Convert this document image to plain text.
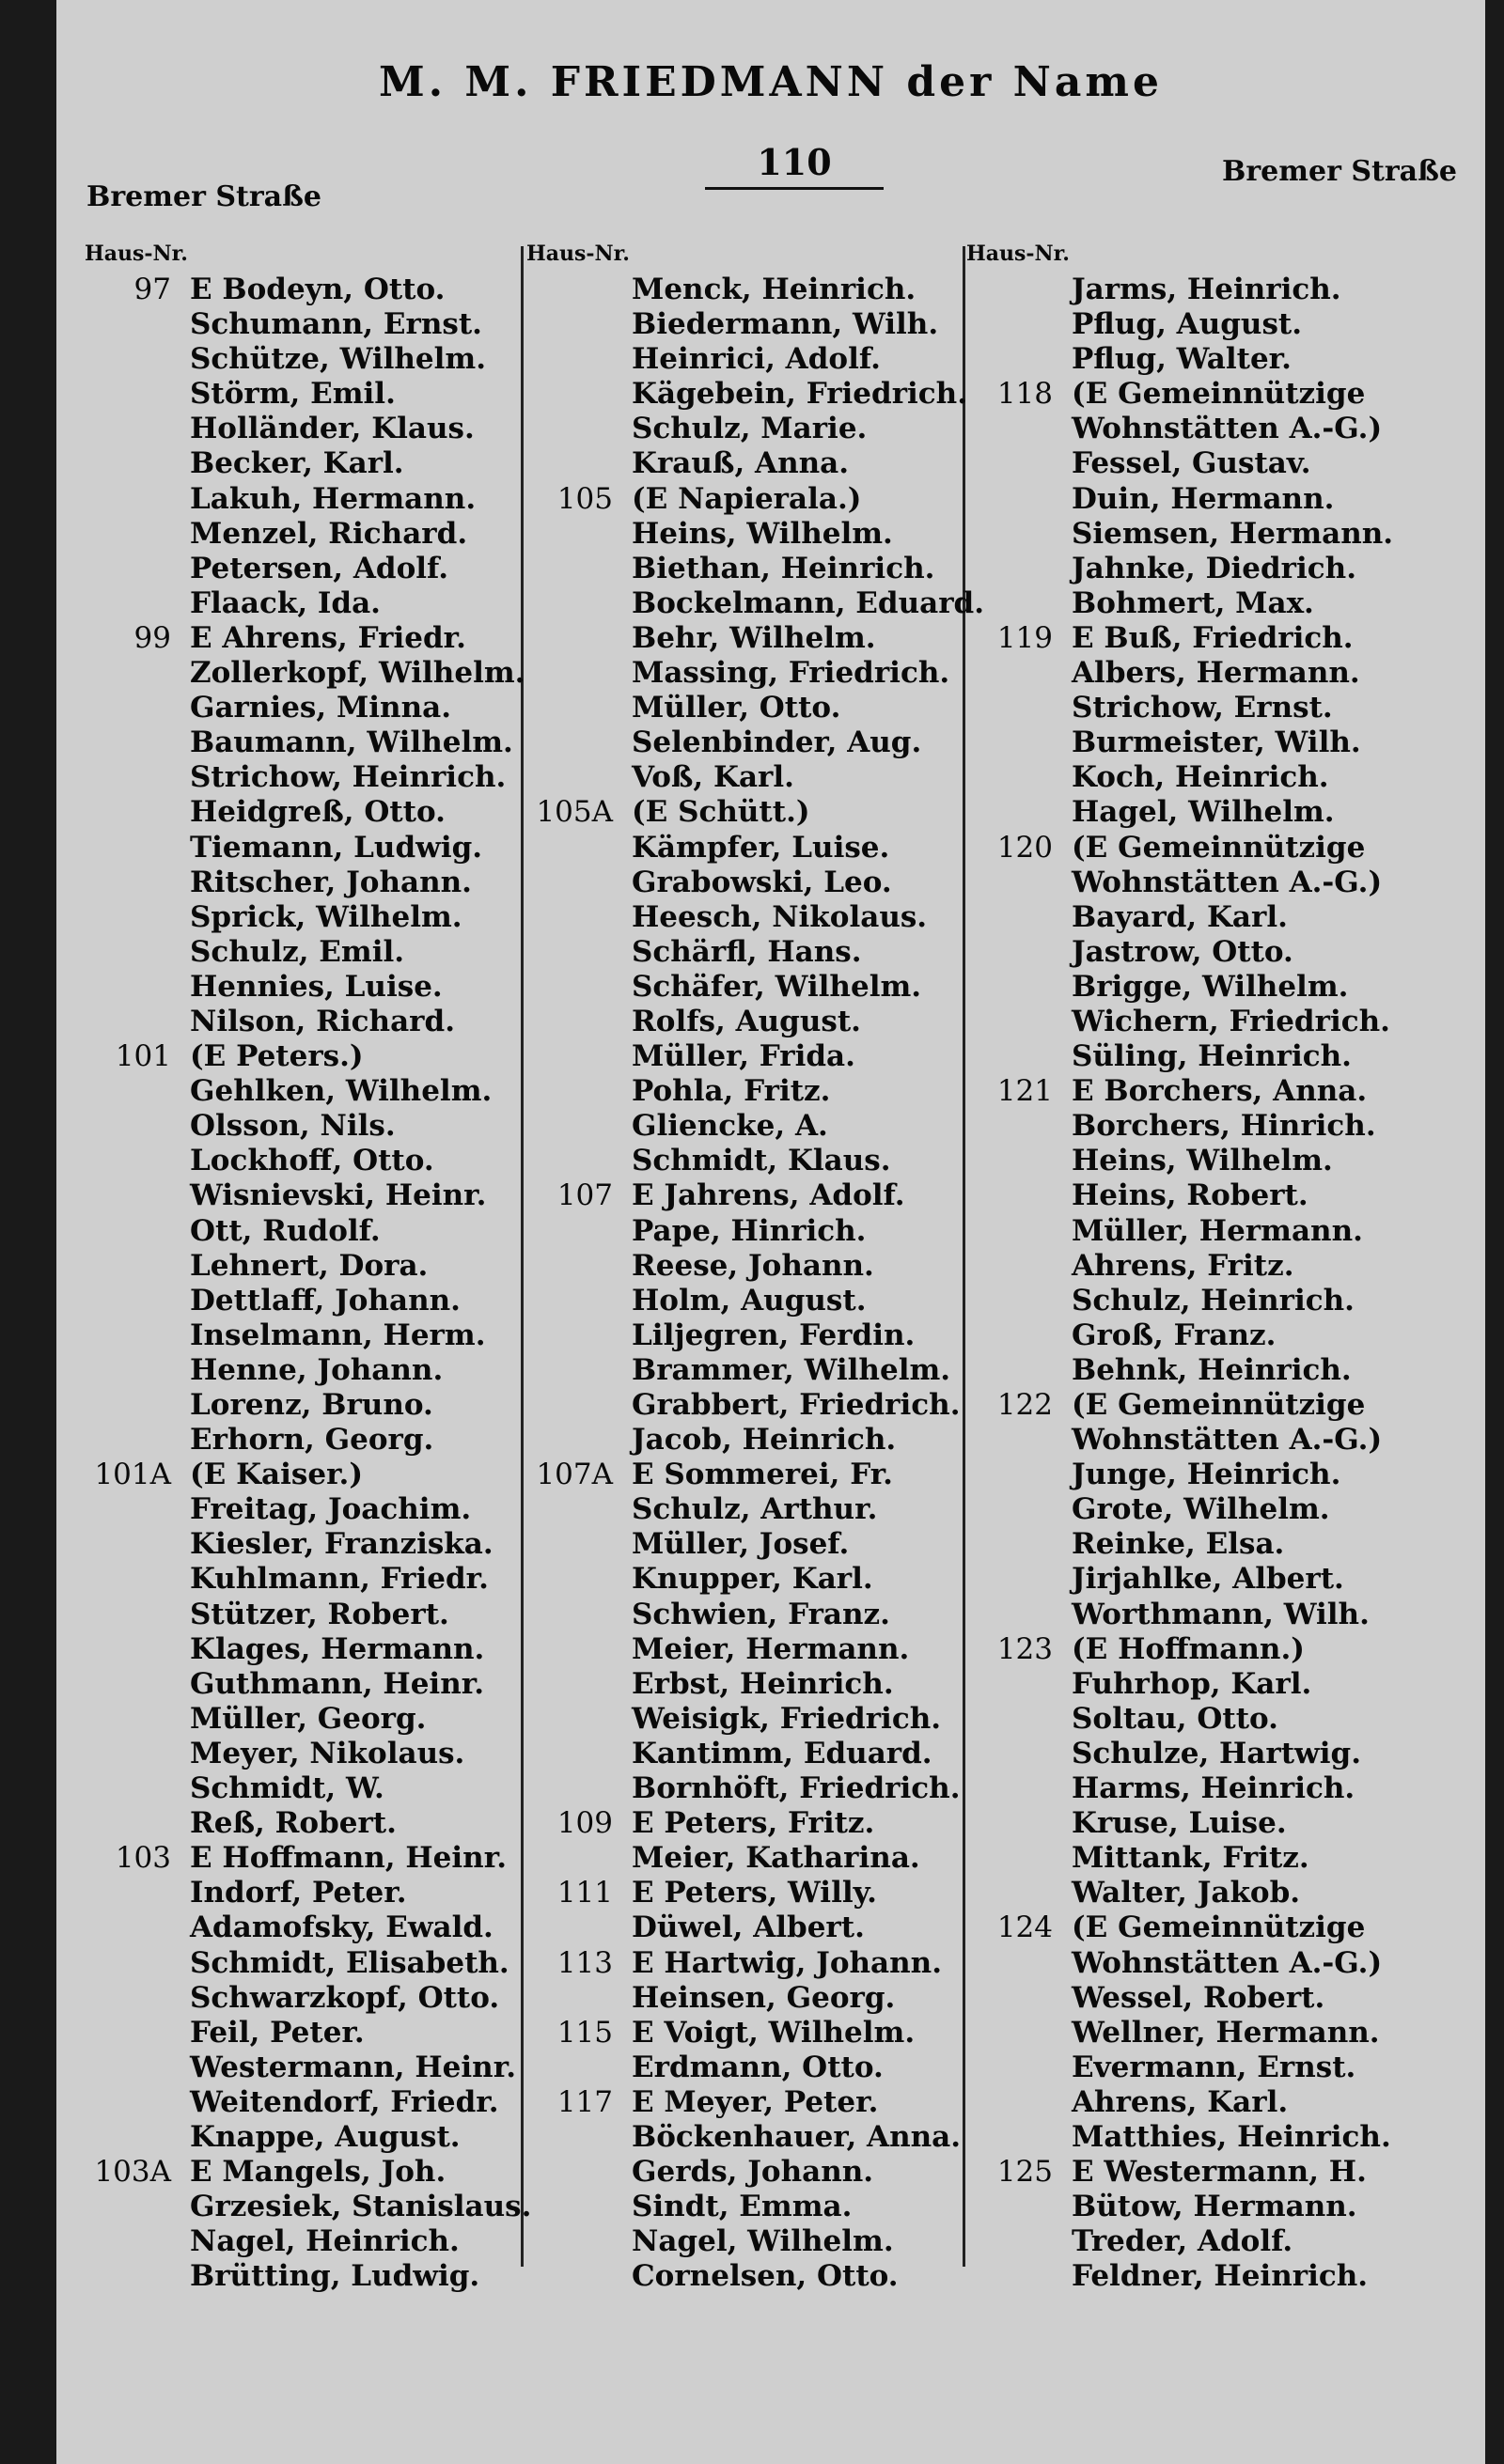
M. M. FRIEDMANN der Name
110
Bremer Straße
Bremer Straße
Haus-Nr.
97 E Bodeyn, Otto.
Schumann, Ernst.
Schütze, Wilhelm.
Störm, Emil.
Holländer, Klaus.
Becker, Karl.
Lakuh, Hermann.
Menzel, Richard.
Petersen, Adolf.
Flaack, Ida.
99 E Ahrens, Friedr.
Zollerkopf, Wilhelm.
Garnies, Minna.
Baumann, Wilhelm.
Strichow, Heinrich.
Heidgreß, Otto.
Tiemann, Ludwig.
Ritscher, Johann.
Sprick, Wilhelm.
Schulz, Emil.
Hennies, Luise.
Nilson, Richard.
101 (E Peters.)
Gehlken, Wilhelm.
Olsson, Nils.
Lockhoff, Otto.
Wisnievski, Heinr.
Ott, Rudolf.
Lehnert, Dora.
Dettlaff, Johann.
Inselmann, Herm.
Henne, Johann.
Lorenz, Bruno.
Erhorn, Georg.
101A (E Kaiser.)
Freitag, Joachim.
Kiesler, Franziska.
Kuhlmann, Friedr.
Stützer, Robert.
Klages, Hermann.
Guthmann, Heinr.
Müller, Georg.
Meyer, Nikolaus.
Schmidt, W.
Reß, Robert.
103 E Hoffmann, Heinr.
Indorf, Peter.
Adamofsky, Ewald.
Schmidt, Elisabeth.
Schwarzkopf, Otto.
Feil, Peter.
Westermann, Heinr.
Weitendorf, Friedr.
Knappe, August.
103A E Mangels, Joh.
Grzesiek, Stanislaus.
Nagel, Heinrich.
Brütting, Ludwig.
Haus-Nr.
Menck, Heinrich.
Biedermann, Wilh.
Heinrici, Adolf.
Kägebein, Friedrich.
Schulz, Marie.
Krauß, Anna.
105 (E Napierala.)
Heins, Wilhelm.
Biethan, Heinrich.
Bockelmann, Eduard.
Behr, Wilhelm.
Massing, Friedrich.
Müller, Otto.
Selenbinder, Aug.
Voß, Karl.
105A (E Schütt.)
Kämpfer, Luise.
Grabowski, Leo.
Heesch, Nikolaus.
Schärfl, Hans.
Schäfer, Wilhelm.
Rolfs, August.
Müller, Frida.
Pohla, Fritz.
Gliencke, A.
Schmidt, Klaus.
107 E Jahrens, Adolf.
Pape, Hinrich.
Reese, Johann.
Holm, August.
Liljegren, Ferdin.
Brammer, Wilhelm.
Grabbert, Friedrich.
Jacob, Heinrich.
107A E Sommerei, Fr.
Schulz, Arthur.
Müller, Josef.
Knupper, Karl.
Schwien, Franz.
Meier, Hermann.
Erbst, Heinrich.
Weisigk, Friedrich.
Kantimm, Eduard.
Bornhöft, Friedrich.
109 E Peters, Fritz.
Meier, Katharina.
111 E Peters, Willy.
Düwel, Albert.
113 E Hartwig, Johann.
Heinsen, Georg.
115 E Voigt, Wilhelm.
Erdmann, Otto.
117 E Meyer, Peter.
Böckenhauer, Anna.
Gerds, Johann.
Sindt, Emma.
Nagel, Wilhelm.
Cornelsen, Otto.
Haus-Nr.
Jarms, Heinrich.
Pflug, August.
Pflug, Walter.
118 (E Gemeinnützige
Wohnstätten A.-G.)
Fessel, Gustav.
Duin, Hermann.
Siemsen, Hermann.
Jahnke, Diedrich.
Bohmert, Max.
119 E Buß, Friedrich.
Albers, Hermann.
Strichow, Ernst.
Burmeister, Wilh.
Koch, Heinrich.
Hagel, Wilhelm.
120 (E Gemeinnützige
Wohnstätten A.-G.)
Bayard, Karl.
Jastrow, Otto.
Brigge, Wilhelm.
Wichern, Friedrich.
Süling, Heinrich.
121 E Borchers, Anna.
Borchers, Hinrich.
Heins, Wilhelm.
Heins, Robert.
Müller, Hermann.
Ahrens, Fritz.
Schulz, Heinrich.
Groß, Franz.
Behnk, Heinrich.
122 (E Gemeinnützige
Wohnstätten A.-G.)
Junge, Heinrich.
Grote, Wilhelm.
Reinke, Elsa.
Jirjahlke, Albert.
Worthmann, Wilh.
123 (E Hoffmann.)
Fuhrhop, Karl.
Soltau, Otto.
Schulze, Hartwig.
Harms, Heinrich.
Kruse, Luise.
Mittank, Fritz.
Walter, Jakob.
124 (E Gemeinnützige
Wohnstätten A.-G.)
Wessel, Robert.
Wellner, Hermann.
Evermann, Ernst.
Ahrens, Karl.
Matthies, Heinrich.
125 E Westermann, H.
Bütow, Hermann.
Treder, Adolf.
Feldner, Heinrich.
